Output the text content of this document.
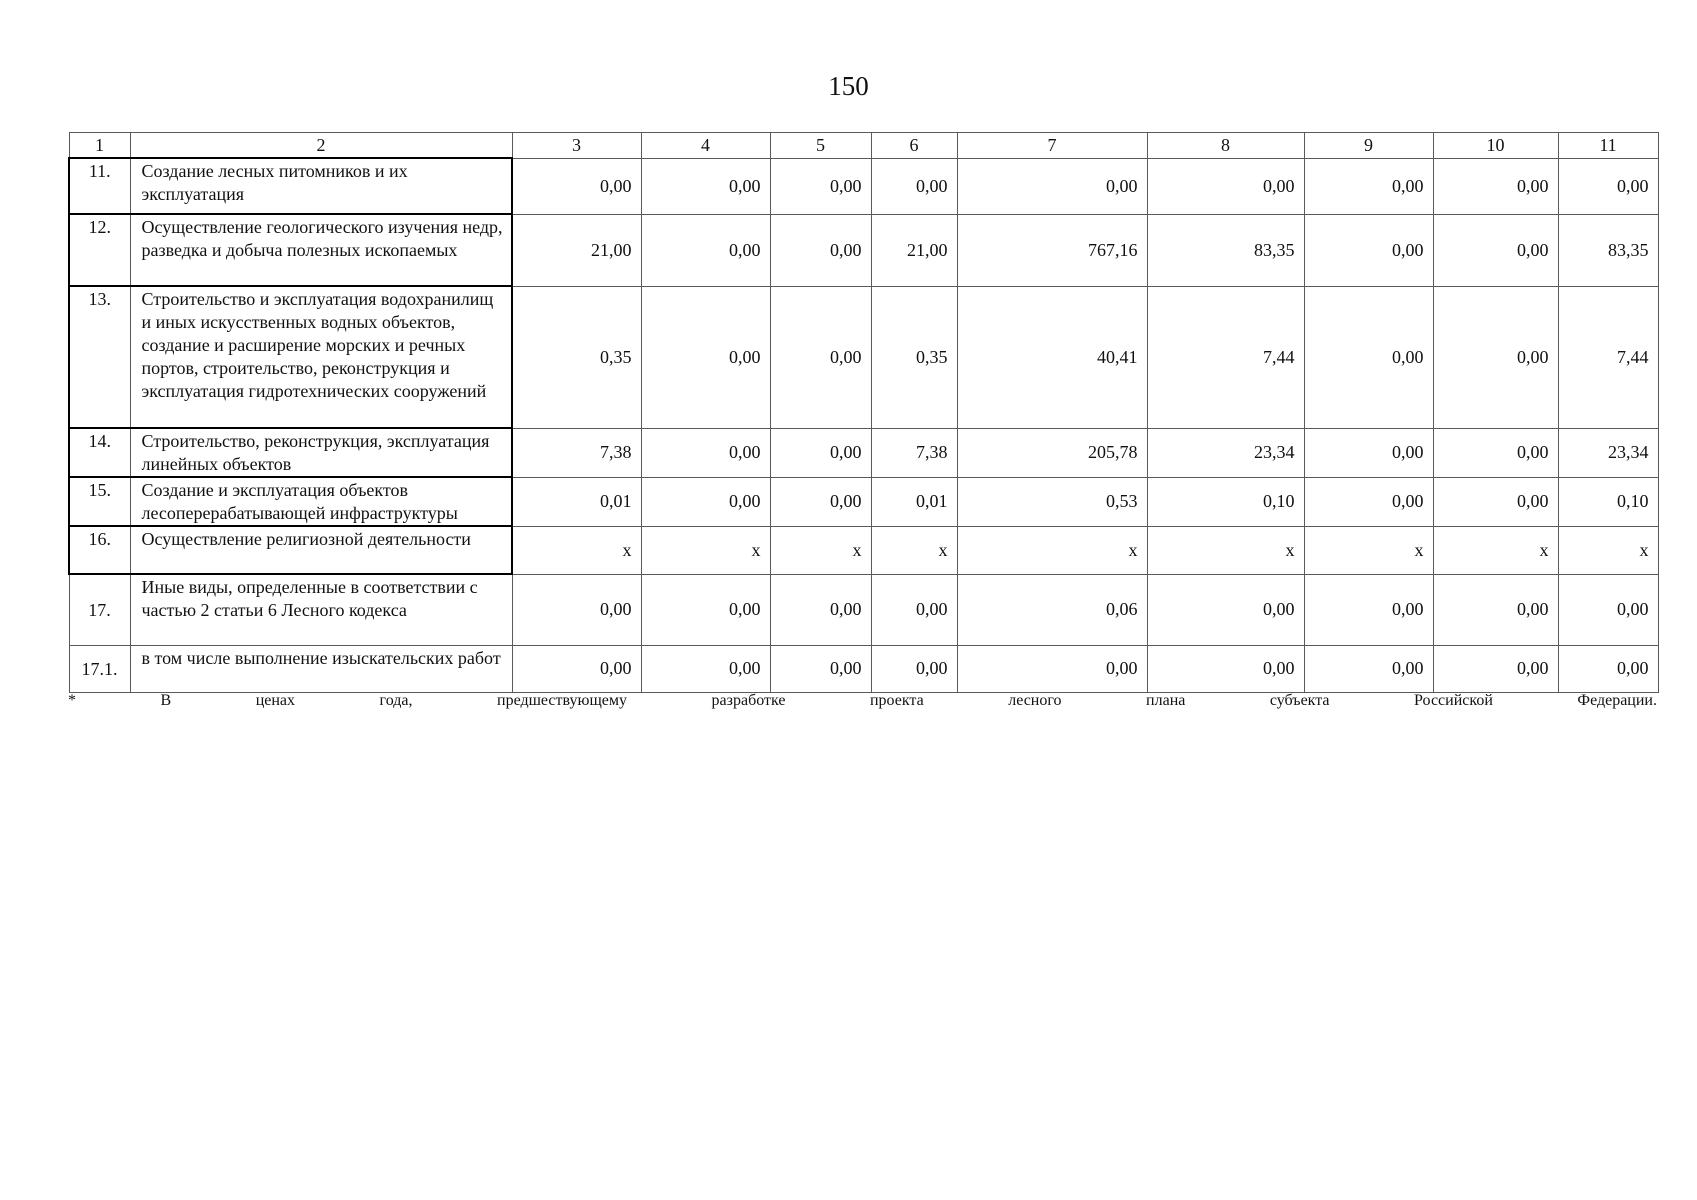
150
1	2	3	4	5	6	7	8	9	10	11
11.	Создание лесных питомников и их эксплуатация	0,00	0,00	0,00	0,00	0,00	0,00	0,00	0,00	0,00
12.	Осуществление геологического изучения недр, разведка и добыча полезных ископаемых	21,00	0,00	0,00	21,00	767,16	83,35	0,00	0,00	83,35
13.	Строительство и эксплуатация водохранилищ и иных искусственных водных объектов, создание и расширение морских и речных портов, строительство, реконструкция и эксплуатация гидротехнических сооружений	0,35	0,00	0,00	0,35	40,41	7,44	0,00	0,00	7,44
14.	Строительство, реконструкция, эксплуатация линейных объектов	7,38	0,00	0,00	7,38	205,78	23,34	0,00	0,00	23,34
15.	Создание и эксплуатация объектов лесоперерабатывающей инфраструктуры	0,01	0,00	0,00	0,01	0,53	0,10	0,00	0,00	0,10
16.	Осуществление религиозной деятельности	x	x	x	x	x	x	x	x	x
17.	Иные виды, определенные в соответствии с частью 2 статьи 6 Лесного кодекса	0,00	0,00	0,00	0,00	0,06	0,00	0,00	0,00	0,00
17.1.	в том числе выполнение изыскательских работ	0,00	0,00	0,00	0,00	0,00	0,00	0,00	0,00	0,00
*	В	ценах	года,	предшествующему	разработке	проекта	лесного	плана	субъекта	Российской	Федерации.
